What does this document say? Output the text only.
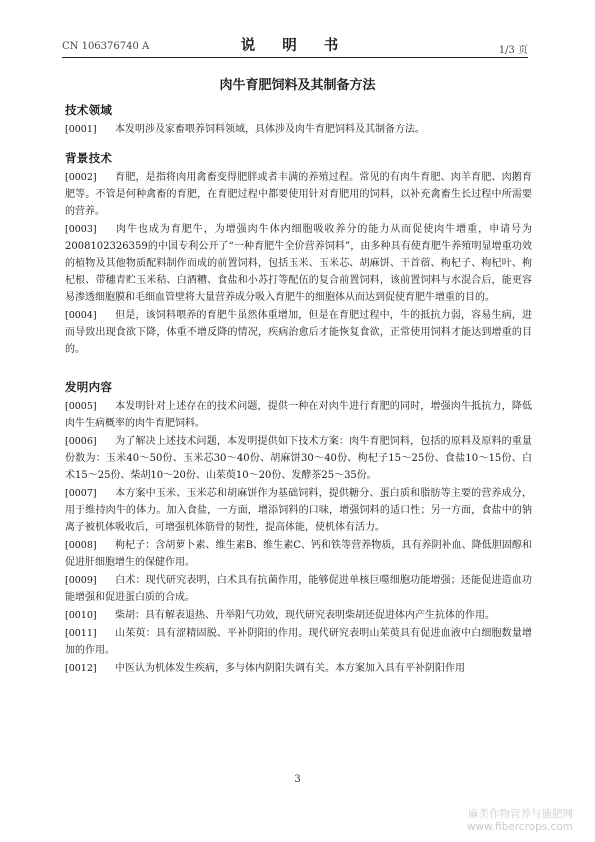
CN 106376740 A	说 明 书	1/3 页
肉牛育肥饲料及其制备方法
技术领域
[0001] 本发明涉及家畜喂养饲料领域，具体涉及肉牛育肥饲料及其制备方法。
背景技术
[0002] 育肥，是指将肉用禽畜变得肥胖或者丰满的养殖过程。常见的有肉牛育肥、肉羊育肥、肉鹅育肥等。不管是何种禽畜的育肥，在育肥过程中都要使用针对育肥用的饲料，以补充禽畜生长过程中所需要的营养。
[0003] 肉牛也成为育肥牛，为增强肉牛体内细胞吸收养分的能力从而促使肉牛增重，申请号为2008102326359的中国专利公开了“一种育肥牛全价营养饲料”，由多种具有使育肥牛养殖明显增重功效的植物及其他物质配料制作而成的前置饲料，包括玉米、玉米芯、胡麻饼、干首蓿、枸杞子、枸杞叶、枸杞根、带穗青贮玉米秸、白酒糟、食盐和小苏打等配伍的复合前置饲料，该前置饲料与水混合后，能更容易渗透细胞膜和毛细血管壁将大量营养成分吸入育肥牛的细胞体从而达到促使育肥牛增重的目的。
[0004] 但是，该饲料喂养的育肥牛虽然体重增加，但是在育肥过程中，牛的抵抗力弱，容易生病，进而导致出现食欲下降，体重不增反降的情况，疾病治愈后才能恢复食欲，正常使用饲料才能达到增重的目的。
发明内容
[0005] 本发明针对上述存在的技术问题，提供一种在对肉牛进行育肥的同时，增强肉牛抵抗力，降低肉牛生病概率的肉牛育肥饲料。
[0006] 为了解决上述技术问题，本发明提供如下技术方案：肉牛育肥饲料，包括的原料及原料的重量份数为：玉米40～50份、玉米芯30～40份、胡麻饼30～40份、枸杞子15～25份、食盐10～15份、白术15～25份、柴胡10～20份、山茱萸10～20份、发酵茶25～35份。
[0007] 本方案中玉米、玉米芯和胡麻饼作为基础饲料，提供糖分、蛋白质和脂肪等主要的营养成分，用于维持肉牛的体力。加入食盐，一方面，增添饲料的口味，增强饲料的适口性；另一方面，食盐中的钠离子被机体吸收后，可增强机体筋骨的韧性，提高体能，使机体有活力。
[0008] 枸杞子：含胡萝卜素、维生素B、维生素C、钙和铁等营养物质，具有养阴补血、降低胆固醇和促进肝细胞增生的保健作用。
[0009] 白术：现代研究表明，白术具有抗菌作用，能够促进单核巨噬细胞功能增强；还能促进造血功能增强和促进蛋白质的合成。
[0010] 柴胡：具有解表退热、升举阳气功效，现代研究表明柴胡还促进体内产生抗体的作用。
[0011] 山茱萸：具有涩精固脱、平补阴阳的作用。现代研究表明山茱萸具有促进血液中白细胞数量增加的作用。
[0012] 中医认为机体发生疾病，多与体内阴阳失调有关。本方案加入具有平补阴阳作用
3
麻类作物营养与施肥网
www.fibercrops.com
